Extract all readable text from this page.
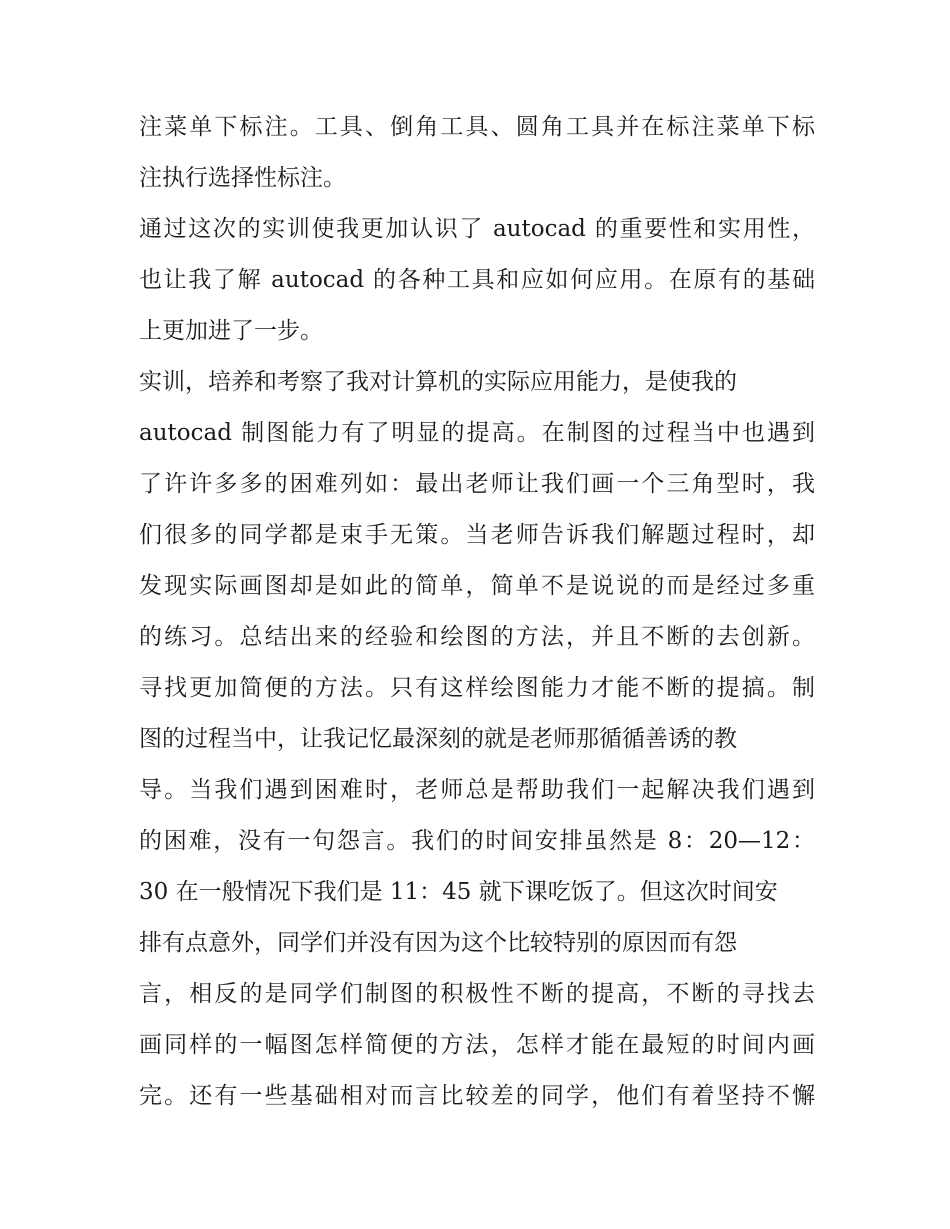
注菜单下标注。工具、倒角工具、圆角工具并在标注菜单下标
注执行选择性标注。
通过这次的实训使我更加认识了 autocad 的重要性和实用性，
也让我了解 autocad 的各种工具和应如何应用。在原有的基础
上更加进了一步。
实训，培养和考察了我对计算机的实际应用能力，是使我的
autocad 制图能力有了明显的提高。在制图的过程当中也遇到
了许许多多的困难列如：最出老师让我们画一个三角型时，我
们很多的同学都是束手无策。当老师告诉我们解题过程时，却
发现实际画图却是如此的简单，简单不是说说的而是经过多重
的练习。总结出来的经验和绘图的方法，并且不断的去创新。
寻找更加简便的方法。只有这样绘图能力才能不断的提搞。制
图的过程当中，让我记忆最深刻的就是老师那循循善诱的教
导。当我们遇到困难时，老师总是帮助我们一起解决我们遇到
的困难，没有一句怨言。我们的时间安排虽然是 8：20—12：
30 在一般情况下我们是 11：45 就下课吃饭了。但这次时间安
排有点意外，同学们并没有因为这个比较特别的原因而有怨
言，相反的是同学们制图的积极性不断的提高，不断的寻找去
画同样的一幅图怎样简便的方法，怎样才能在最短的时间内画
完。还有一些基础相对而言比较差的同学，他们有着坚持不懈
